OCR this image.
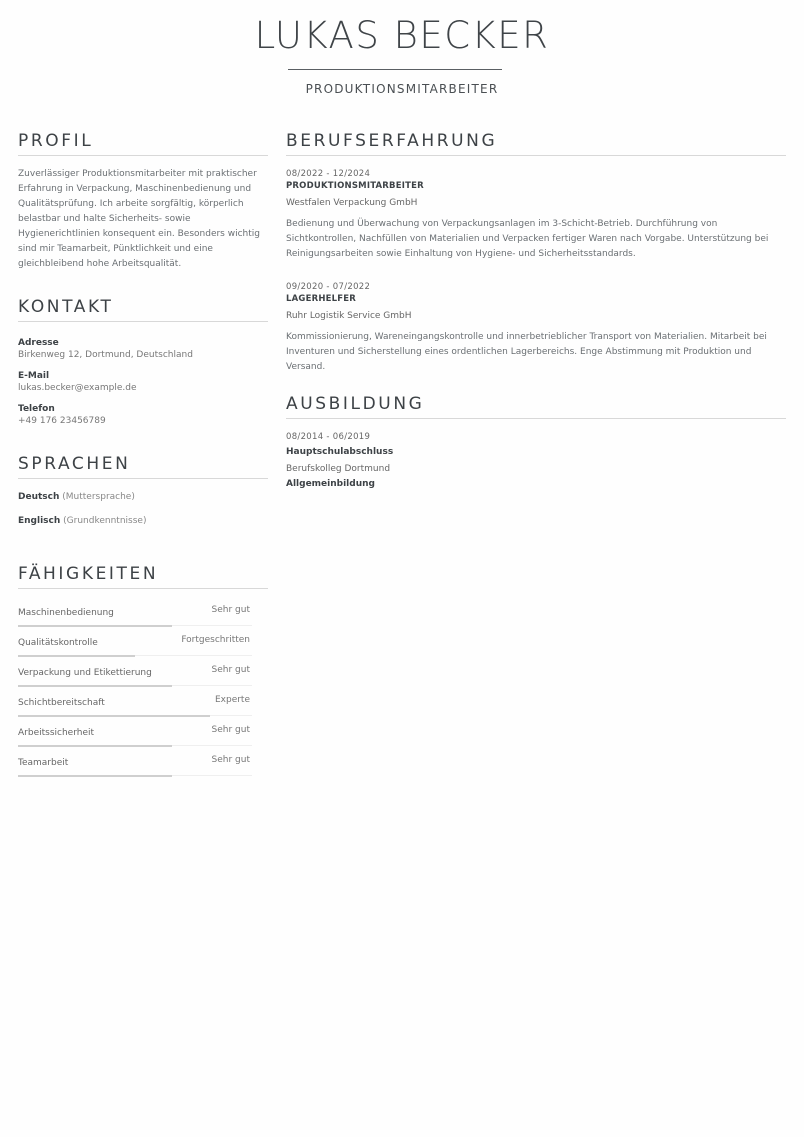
LUKAS BECKER
PRODUKTIONSMITARBEITER
PROFIL
Zuverlässiger Produktionsmitarbeiter mit praktischer
Erfahrung in Verpackung, Maschinenbedienung und
Qualitätsprüfung. Ich arbeite sorgfältig, körperlich
belastbar und halte Sicherheits- sowie
Hygienerichtlinien konsequent ein. Besonders wichtig
sind mir Teamarbeit, Pünktlichkeit und eine
gleichbleibend hohe Arbeitsqualität.
KONTAKT
Adresse
Birkenweg 12, Dortmund, Deutschland
E-Mail
lukas.becker@example.de
Telefon
+49 176 23456789
SPRACHEN
Deutsch (Muttersprache)
Englisch (Grundkenntnisse)
FÄHIGKEITEN
Maschinenbedienung	Sehr gut
Qualitätskontrolle	Fortgeschritten
Verpackung und Etikettierung	Sehr gut
Schichtbereitschaft	Experte
Arbeitssicherheit	Sehr gut
Teamarbeit	Sehr gut
BERUFSERFAHRUNG
08/2022 - 12/2024
PRODUKTIONSMITARBEITER
Westfalen Verpackung GmbH
Bedienung und Überwachung von Verpackungsanlagen im 3-Schicht-Betrieb. Durchführung von
Sichtkontrollen, Nachfüllen von Materialien und Verpacken fertiger Waren nach Vorgabe. Unterstützung bei
Reinigungsarbeiten sowie Einhaltung von Hygiene- und Sicherheitsstandards.
09/2020 - 07/2022
LAGERHELFER
Ruhr Logistik Service GmbH
Kommissionierung, Wareneingangskontrolle und innerbetrieblicher Transport von Materialien. Mitarbeit bei
Inventuren und Sicherstellung eines ordentlichen Lagerbereichs. Enge Abstimmung mit Produktion und
Versand.
AUSBILDUNG
08/2014 - 06/2019
Hauptschulabschluss
Berufskolleg Dortmund
Allgemeinbildung
